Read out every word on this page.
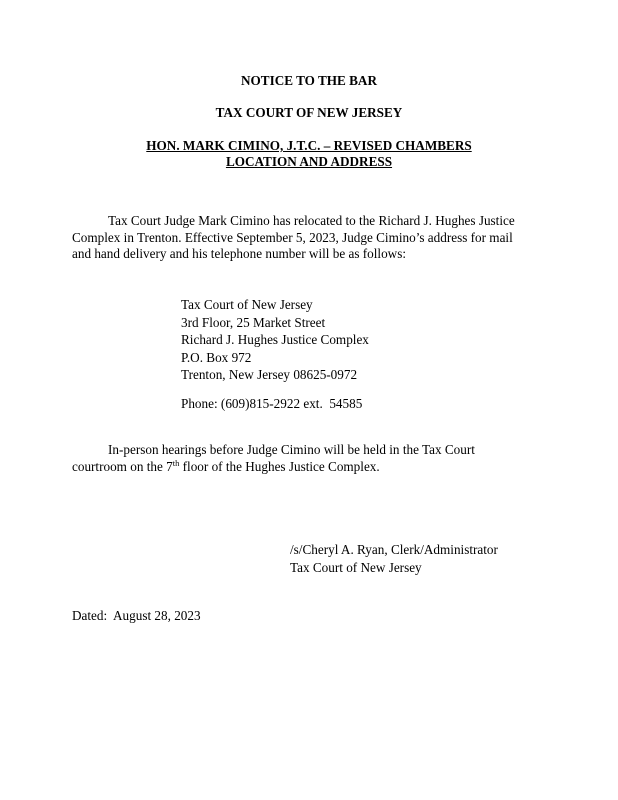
NOTICE TO THE BAR
TAX COURT OF NEW JERSEY
HON. MARK CIMINO, J.T.C. – REVISED CHAMBERS
LOCATION AND ADDRESS

Tax Court Judge Mark Cimino has relocated to the Richard J. Hughes Justice
Complex in Trenton. Effective September 5, 2023, Judge Cimino’s address for mail
and hand delivery and his telephone number will be as follows:

Tax Court of New Jersey
3rd Floor, 25 Market Street
Richard J. Hughes Justice Complex
P.O. Box 972
Trenton, New Jersey 08625-0972
Phone: (609)815-2922 ext.  54585

In-person hearings before Judge Cimino will be held in the Tax Court
courtroom on the 7th floor of the Hughes Justice Complex.

/s/Cheryl A. Ryan, Clerk/Administrator
Tax Court of New Jersey
Dated:  August 28, 2023
